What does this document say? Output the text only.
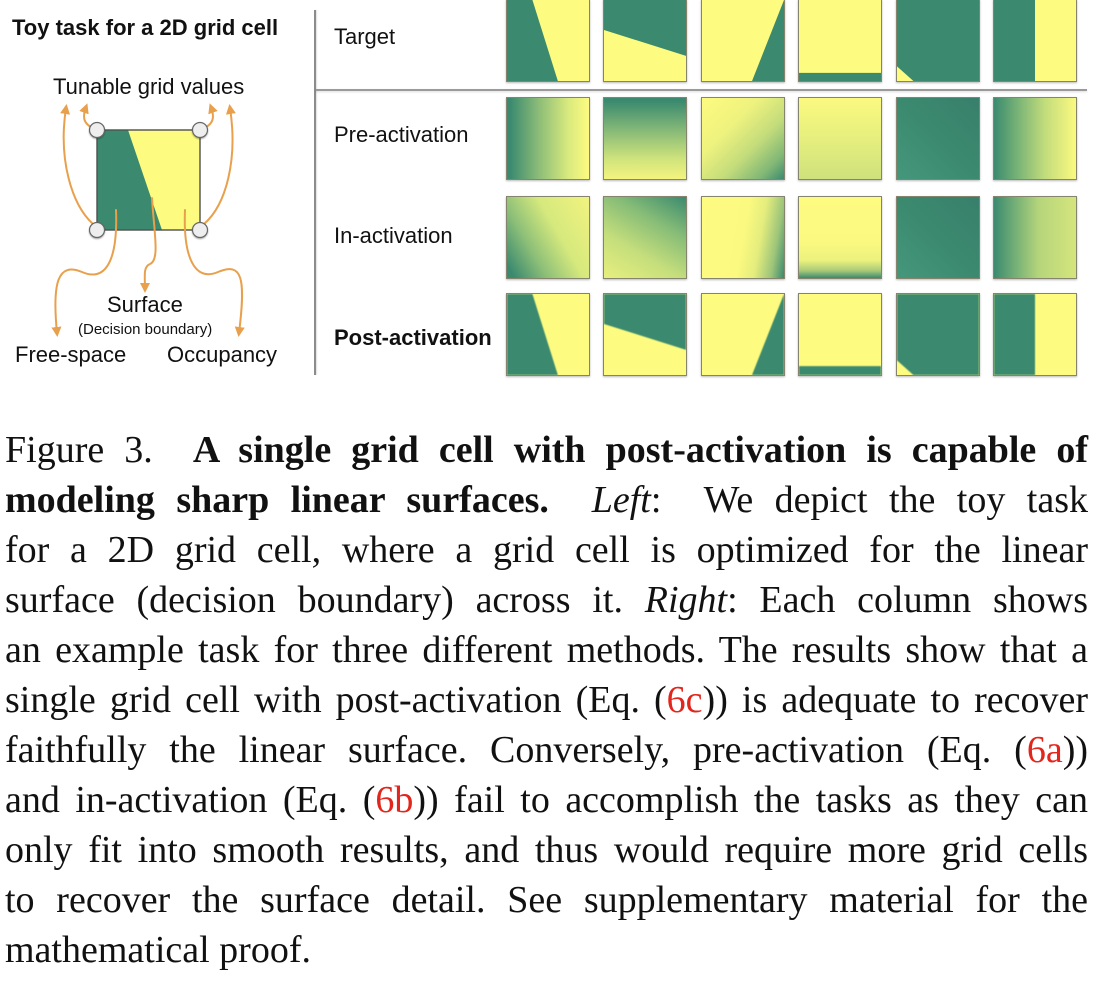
Toy task for a 2D grid cell
Tunable grid values
Surface
(Decision boundary)
Free-space Occupancy
Target
Pre-activation
In-activation
Post-activation
Figure 3.  A single grid cell with post-activation is capable of
modeling sharp linear surfaces. Left:  We depict the toy task
for a 2D grid cell, where a grid cell is optimized for the linear
surface (decision boundary) across it. Right: Each column shows
an example task for three different methods. The results show that a
single grid cell with post-activation (Eq. (6c)) is adequate to recover
faithfully the linear surface. Conversely, pre-activation (Eq. (6a))
and in-activation (Eq. (6b)) fail to accomplish the tasks as they can
only fit into smooth results, and thus would require more grid cells
to recover the surface detail. See supplementary material for the
mathematical proof.
